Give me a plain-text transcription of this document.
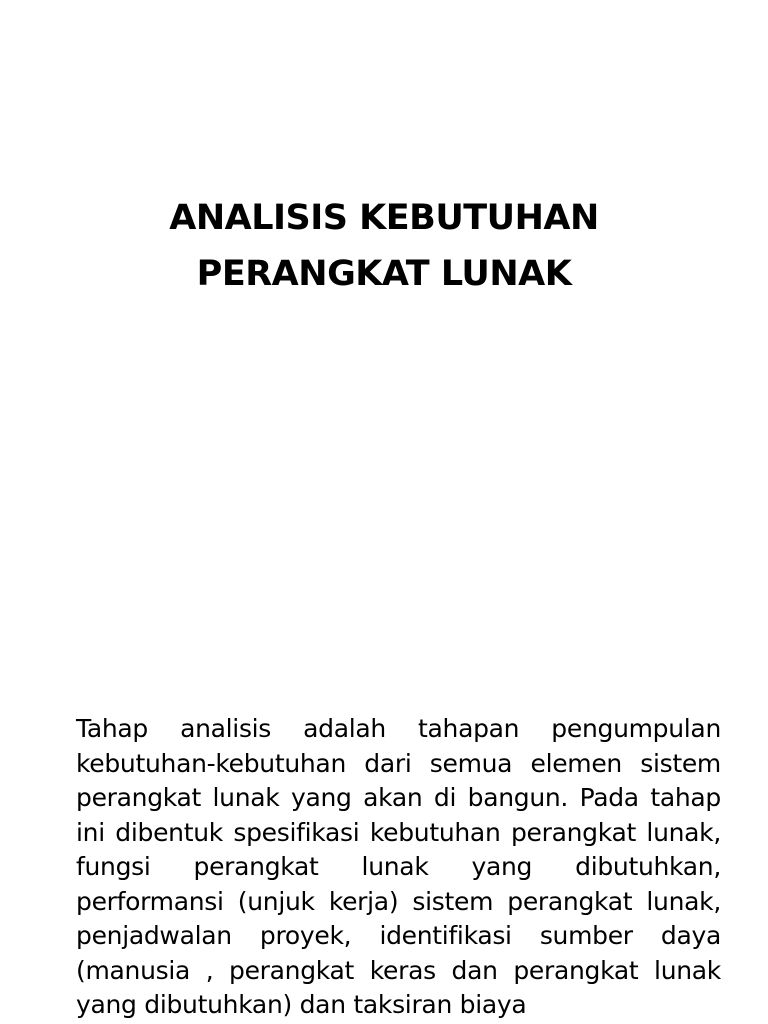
ANALISIS KEBUTUHAN
PERANGKAT LUNAK

Tahap analisis adalah tahapan pengumpulan kebutuhan-kebutuhan dari semua elemen sistem perangkat lunak yang akan di bangun. Pada tahap ini dibentuk spesifikasi kebutuhan perangkat lunak, fungsi perangkat lunak yang dibutuhkan, performansi (unjuk kerja) sistem perangkat lunak, penjadwalan proyek, identifikasi sumber daya (manusia , perangkat keras dan perangkat lunak yang dibutuhkan) dan taksiran biaya
